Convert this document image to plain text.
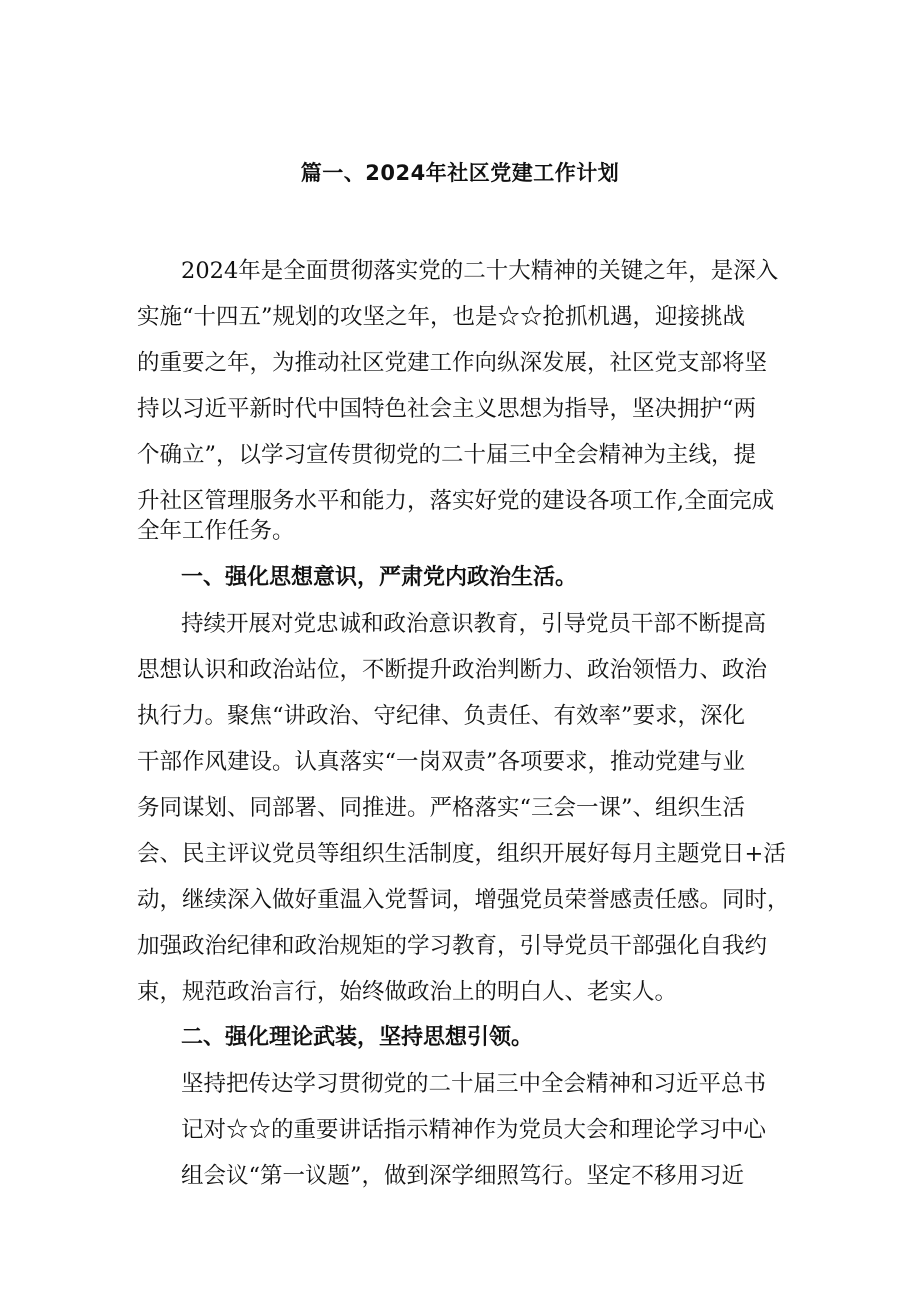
篇一、2024年社区党建工作计划
2024年是全面贯彻落实党的二十大精神的关键之年，是深入
实施“十四五”规划的攻坚之年，也是☆☆抢抓机遇，迎接挑战
的重要之年，为推动社区党建工作向纵深发展，社区党支部将坚
持以习近平新时代中国特色社会主义思想为指导，坚决拥护“两
个确立”，以学习宣传贯彻党的二十届三中全会精神为主线，提
升社区管理服务水平和能力，落实好党的建设各项工作,全面完成
全年工作任务。
一、强化思想意识，严肃党内政治生活。
持续开展对党忠诚和政治意识教育，引导党员干部不断提高
思想认识和政治站位，不断提升政治判断力、政治领悟力、政治
执行力。聚焦“讲政治、守纪律、负责任、有效率”要求，深化
干部作风建设。认真落实“一岗双责”各项要求，推动党建与业
务同谋划、同部署、同推进。严格落实“三会一课”、组织生活
会、民主评议党员等组织生活制度，组织开展好每月主题党日+活
动，继续深入做好重温入党誓词，增强党员荣誉感责任感。同时，
加强政治纪律和政治规矩的学习教育，引导党员干部强化自我约
束，规范政治言行，始终做政治上的明白人、老实人。
二、强化理论武装，坚持思想引领。
坚持把传达学习贯彻党的二十届三中全会精神和习近平总书
记对☆☆的重要讲话指示精神作为党员大会和理论学习中心
组会议“第一议题”，做到深学细照笃行。坚定不移用习近
